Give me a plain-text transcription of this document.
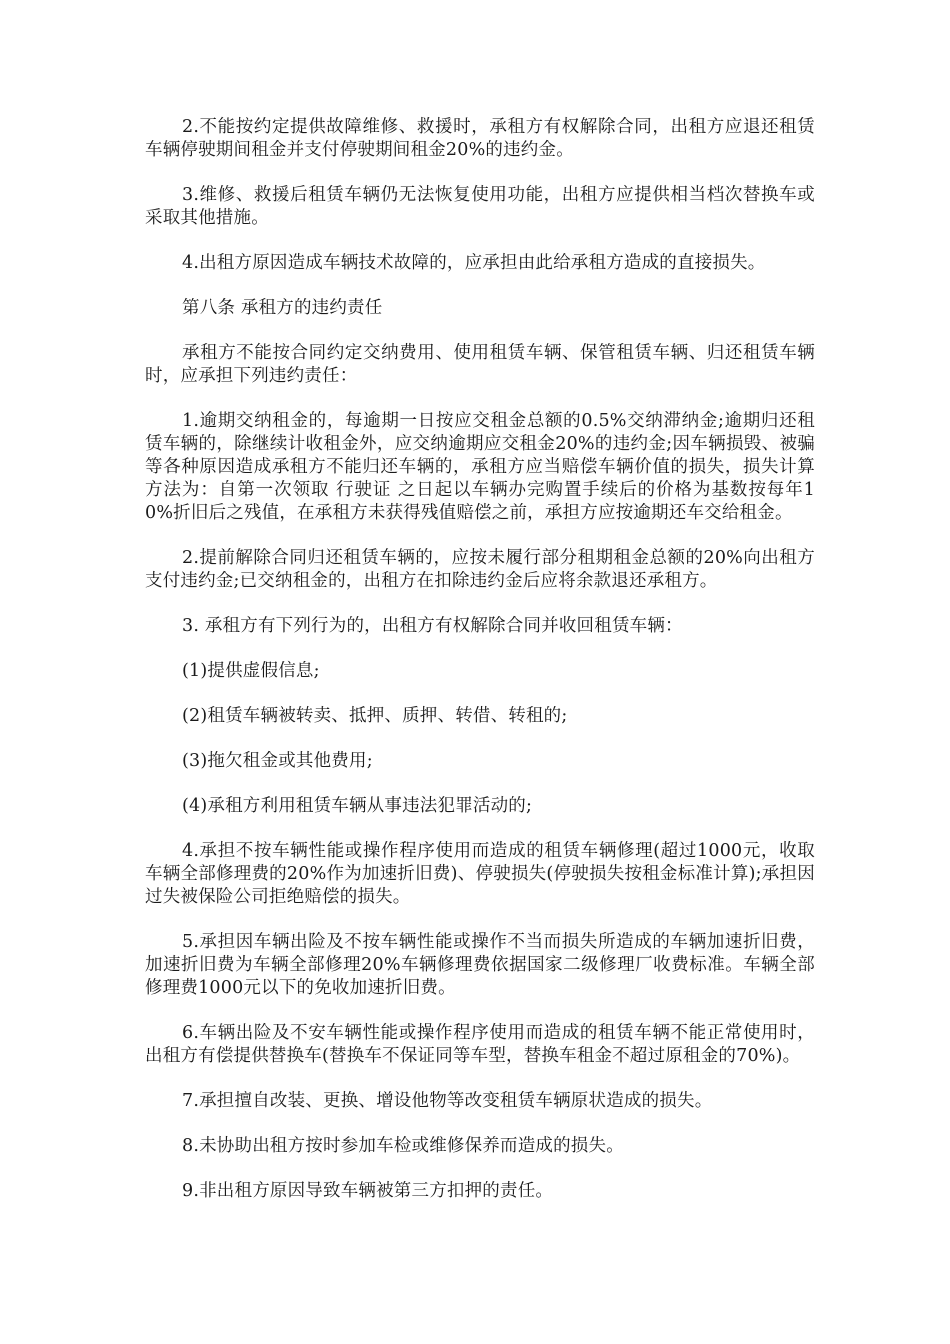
2.不能按约定提供故障维修、救援时，承租方有权解除合同，出租方应退还租赁车辆停驶期间租金并支付停驶期间租金20%的违约金。

3.维修、救援后租赁车辆仍无法恢复使用功能，出租方应提供相当档次替换车或采取其他措施。

4.出租方原因造成车辆技术故障的，应承担由此给承租方造成的直接损失。

第八条 承租方的违约责任

承租方不能按合同约定交纳费用、使用租赁车辆、保管租赁车辆、归还租赁车辆时，应承担下列违约责任：

1.逾期交纳租金的，每逾期一日按应交租金总额的0.5%交纳滞纳金;逾期归还租赁车辆的，除继续计收租金外，应交纳逾期应交租金20%的违约金;因车辆损毁、被骗等各种原因造成承租方不能归还车辆的，承租方应当赔偿车辆价值的损失，损失计算方法为：自第一次领取 行驶证 之日起以车辆办完购置手续后的价格为基数按每年10%折旧后之残值，在承租方未获得残值赔偿之前，承担方应按逾期还车交给租金。

2.提前解除合同归还租赁车辆的，应按未履行部分租期租金总额的20%向出租方支付违约金;已交纳租金的，出租方在扣除违约金后应将余款退还承租方。

3. 承租方有下列行为的，出租方有权解除合同并收回租赁车辆：

(1)提供虚假信息;

(2)租赁车辆被转卖、抵押、质押、转借、转租的;

(3)拖欠租金或其他费用;

(4)承租方利用租赁车辆从事违法犯罪活动的;

4.承担不按车辆性能或操作程序使用而造成的租赁车辆修理(超过1000元，收取车辆全部修理费的20%作为加速折旧费)、停驶损失(停驶损失按租金标准计算);承担因过失被保险公司拒绝赔偿的损失。

5.承担因车辆出险及不按车辆性能或操作不当而损失所造成的车辆加速折旧费，加速折旧费为车辆全部修理20%车辆修理费依据国家二级修理厂收费标准。车辆全部修理费1000元以下的免收加速折旧费。

6.车辆出险及不安车辆性能或操作程序使用而造成的租赁车辆不能正常使用时，出租方有偿提供替换车(替换车不保证同等车型，替换车租金不超过原租金的70%)。

7.承担擅自改装、更换、增设他物等改变租赁车辆原状造成的损失。

8.未协助出租方按时参加车检或维修保养而造成的损失。

9.非出租方原因导致车辆被第三方扣押的责任。
